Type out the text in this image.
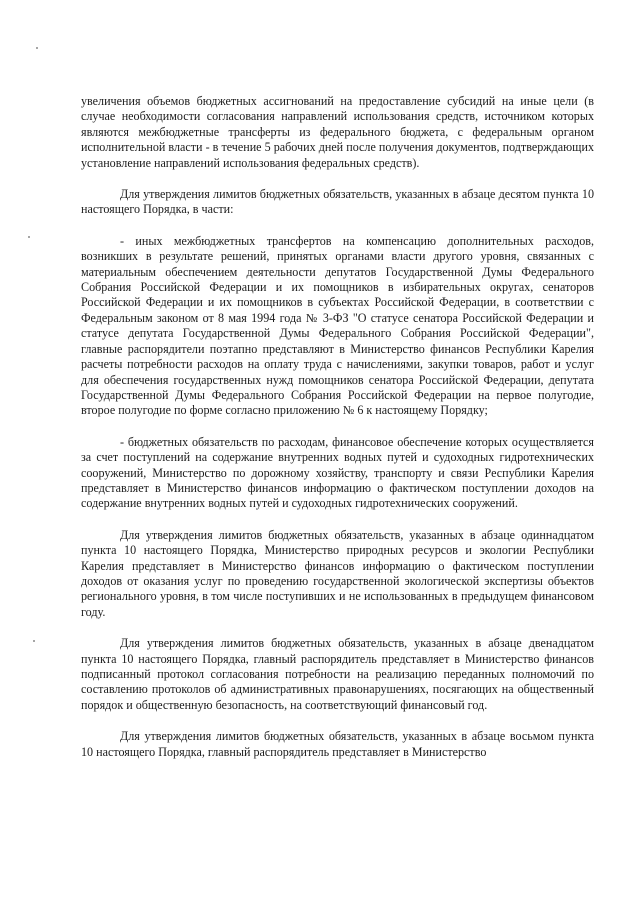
увеличения объемов бюджетных ассигнований на предоставление субсидий на иные цели (в случае необходимости согласования направлений использования средств, источником которых являются межбюджетные трансферты из федерального бюджета, с федеральным органом исполнительной власти - в течение 5 рабочих дней после получения документов, подтверждающих установление направлений использования федеральных средств).

Для утверждения лимитов бюджетных обязательств, указанных в абзаце десятом пункта 10 настоящего Порядка, в части:

- иных межбюджетных трансфертов на компенсацию дополнительных расходов, возникших в результате решений, принятых органами власти другого уровня, связанных с материальным обеспечением деятельности депутатов Государственной Думы Федерального Собрания Российской Федерации и их помощников в избирательных округах, сенаторов Российской Федерации и их помощников в субъектах Российской Федерации, в соответствии с Федеральным законом от 8 мая 1994 года № 3-ФЗ "О статусе сенатора Российской Федерации и статусе депутата Государственной Думы Федерального Собрания Российской Федерации", главные распорядители поэтапно представляют в Министерство финансов Республики Карелия расчеты потребности расходов на оплату труда с начислениями, закупки товаров, работ и услуг для обеспечения государственных нужд помощников сенатора Российской Федерации, депутата Государственной Думы Федерального Собрания Российской Федерации на первое полугодие, второе полугодие по форме согласно приложению № 6 к настоящему Порядку;

- бюджетных обязательств по расходам, финансовое обеспечение которых осуществляется за счет поступлений на содержание внутренних водных путей и судоходных гидротехнических сооружений, Министерство по дорожному хозяйству, транспорту и связи Республики Карелия представляет в Министерство финансов информацию о фактическом поступлении доходов на содержание внутренних водных путей и судоходных гидротехнических сооружений.

Для утверждения лимитов бюджетных обязательств, указанных в абзаце одиннадцатом пункта 10 настоящего Порядка, Министерство природных ресурсов и экологии Республики Карелия представляет в Министерство финансов информацию о фактическом поступлении доходов от оказания услуг по проведению государственной экологической экспертизы объектов регионального уровня, в том числе поступивших и не использованных в предыдущем финансовом году.

Для утверждения лимитов бюджетных обязательств, указанных в абзаце двенадцатом пункта 10 настоящего Порядка, главный распорядитель представляет в Министерство финансов подписанный протокол согласования потребности на реализацию переданных полномочий по составлению протоколов об административных правонарушениях, посягающих на общественный порядок и общественную безопасность, на соответствующий финансовый год.

Для утверждения лимитов бюджетных обязательств, указанных в абзаце восьмом пункта 10 настоящего Порядка, главный распорядитель представляет в Министерство
